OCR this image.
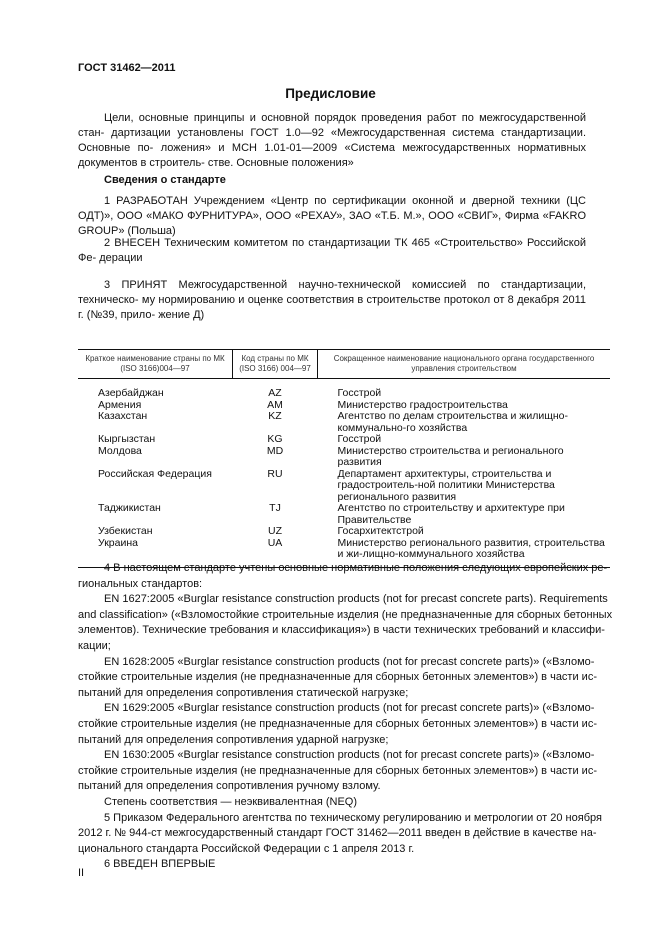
ГОСТ 31462—2011
Предисловие
Цели, основные принципы и основной порядок проведения работ по межгосударственной стан- дартизации установлены ГОСТ 1.0—92 «Межгосударственная система стандартизации. Основные по- ложения» и МСН 1.01-01—2009 «Система межгосударственных нормативных документов в строитель- стве. Основные положения»
Сведения о стандарте
1 РАЗРАБОТАН Учреждением «Центр по сертификации оконной и дверной техники (ЦС ОДТ)», ООО «МАКО ФУРНИТУРА», ООО «РЕХАУ», ЗАО «Т.Б. М.», ООО «СВИГ», Фирма «FAKRO GROUP» (Польша)
2 ВНЕСЕН Техническим комитетом по стандартизации ТК 465 «Строительство» Российской Фе- дерации
3 ПРИНЯТ Межгосударственной научно-технической комиссией по стандартизации, техническо- му нормированию и оценке соответствия в строительстве протокол от 8 декабря 2011 г. (№39, прило- жение Д)
Краткое наименование страны по МК (ISO 3166)004—97	Код страны по МК (ISO 3166) 004—97	Сокращенное наименование национального органа государственного управления строительством
Азербайджан	AZ	Госстрой
Армения	AM	Министерство градостроительства
Казахстан	KZ	Агентство по делам строительства и жилищно-коммунально-го хозяйства
Кыргызстан	KG	Госстрой
Молдова	MD	Министерство строительства и регионального развития
Российская Федерация	RU	Департамент архитектуры, строительства и градостроитель-ной политики Министерства регионального развития
Таджикистан	TJ	Агентство по строительству и архитектуре при Правительстве
Узбекистан	UZ	Госархитектстрой
Украина	UA	Министерство регионального развития, строительства и жи-лищно-коммунального хозяйства
4 В настоящем стандарте учтены основные нормативные положения следующих европейских ре-
гиональных стандартов:
EN 1627:2005 «Burglar resistance construction products (not for precast concrete parts). Requirements
and classification» («Взломостойкие строительные изделия (не предназначенные для сборных бетонных
элементов). Технические требования и классификация») в части технических требований и классифи-
кации;
EN 1628:2005 «Burglar resistance construction products (not for precast concrete parts)» («Взломо-
стойкие строительные изделия (не предназначенные для сборных бетонных элементов») в части ис-
пытаний для определения сопротивления статической нагрузке;
EN 1629:2005 «Burglar resistance construction products (not for precast concrete parts)» («Взломо-
стойкие строительные изделия (не предназначенные для сборных бетонных элементов») в части ис-
пытаний для определения сопротивления ударной нагрузке;
EN 1630:2005 «Burglar resistance construction products (not for precast concrete parts)» («Взломо-
стойкие строительные изделия (не предназначенные для сборных бетонных элементов») в части ис-
пытаний для определения сопротивления ручному взлому.
Степень соответствия — неэквивалентная (NEQ)
5 Приказом Федерального агентства по техническому регулированию и метрологии от 20 ноября
2012 г. № 944-ст межгосударственный стандарт ГОСТ 31462—2011 введен в действие в качестве на-
ционального стандарта Российской Федерации с 1 апреля 2013 г.
6 ВВЕДЕН ВПЕРВЫЕ
II
